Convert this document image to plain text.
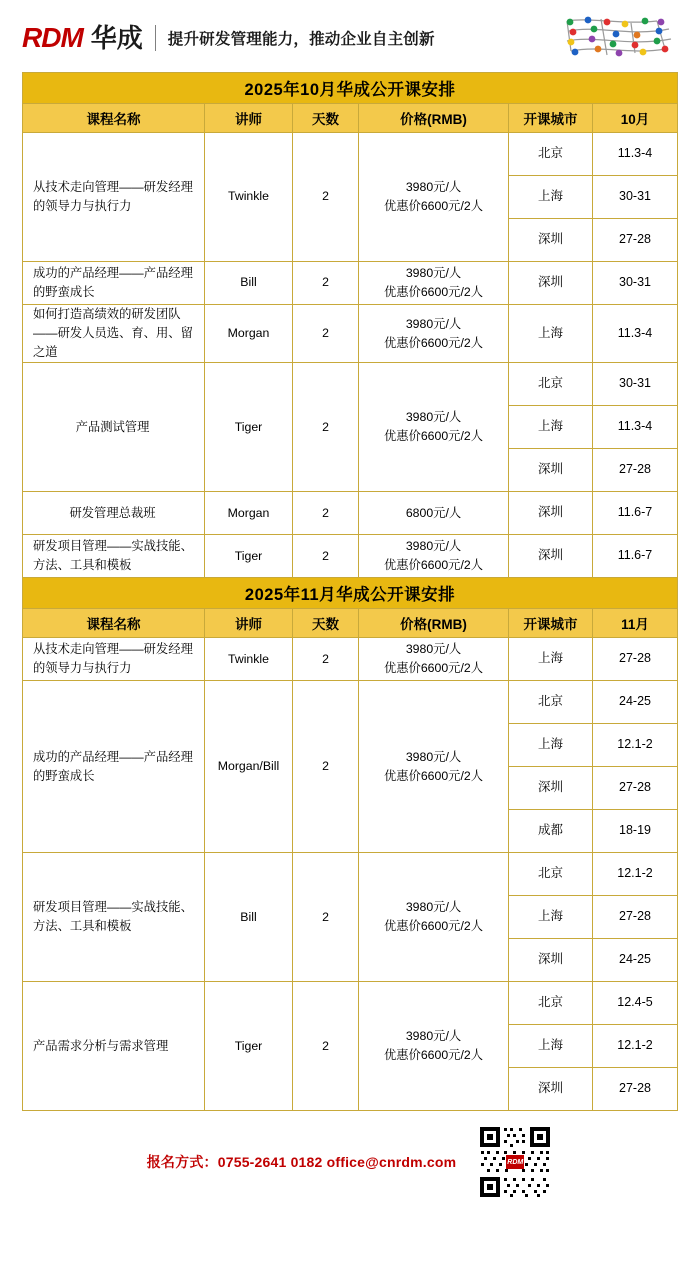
RDM 华成 提升研发管理能力，推动企业自主创新
2025年10月华成公开课安排					
课程名称	讲师	天数	价格(RMB)	开课城市	10月
从技术走向管理——研发经理的领导力与执行力	Twinkle	2	3980元/人
优惠价6600元/2人	北京	11.3-4
				上海	30-31
				深圳	27-28
成功的产品经理——产品经理的野蛮成长	Bill	2	3980元/人
优惠价6600元/2人	深圳	30-31
如何打造高绩效的研发团队——研发人员选、育、用、留之道	Morgan	2	3980元/人
优惠价6600元/2人	上海	11.3-4
产品测试管理	Tiger	2	3980元/人
优惠价6600元/2人	北京	30-31
				上海	11.3-4
				深圳	27-28
研发管理总裁班	Morgan	2	6800元/人	深圳	11.6-7
研发项目管理——实战技能、方法、工具和模板	Tiger	2	3980元/人
优惠价6600元/2人	深圳	11.6-7
2025年11月华成公开课安排					
课程名称	讲师	天数	价格(RMB)	开课城市	11月
从技术走向管理——研发经理的领导力与执行力	Twinkle	2	3980元/人
优惠价6600元/2人	上海	27-28
成功的产品经理——产品经理的野蛮成长	Morgan/Bill	2	3980元/人
优惠价6600元/2人	北京	24-25
				上海	12.1-2
				深圳	27-28
				成都	18-19
研发项目管理——实战技能、方法、工具和模板	Bill	2	3980元/人
优惠价6600元/2人	北京	12.1-2
				上海	27-28
				深圳	24-25
产品需求分析与需求管理	Tiger	2	3980元/人
优惠价6600元/2人	北京	12.4-5
				上海	12.1-2
				深圳	27-28
报名方式：0755-2641 0182 office@cnrdm.com	RDM
